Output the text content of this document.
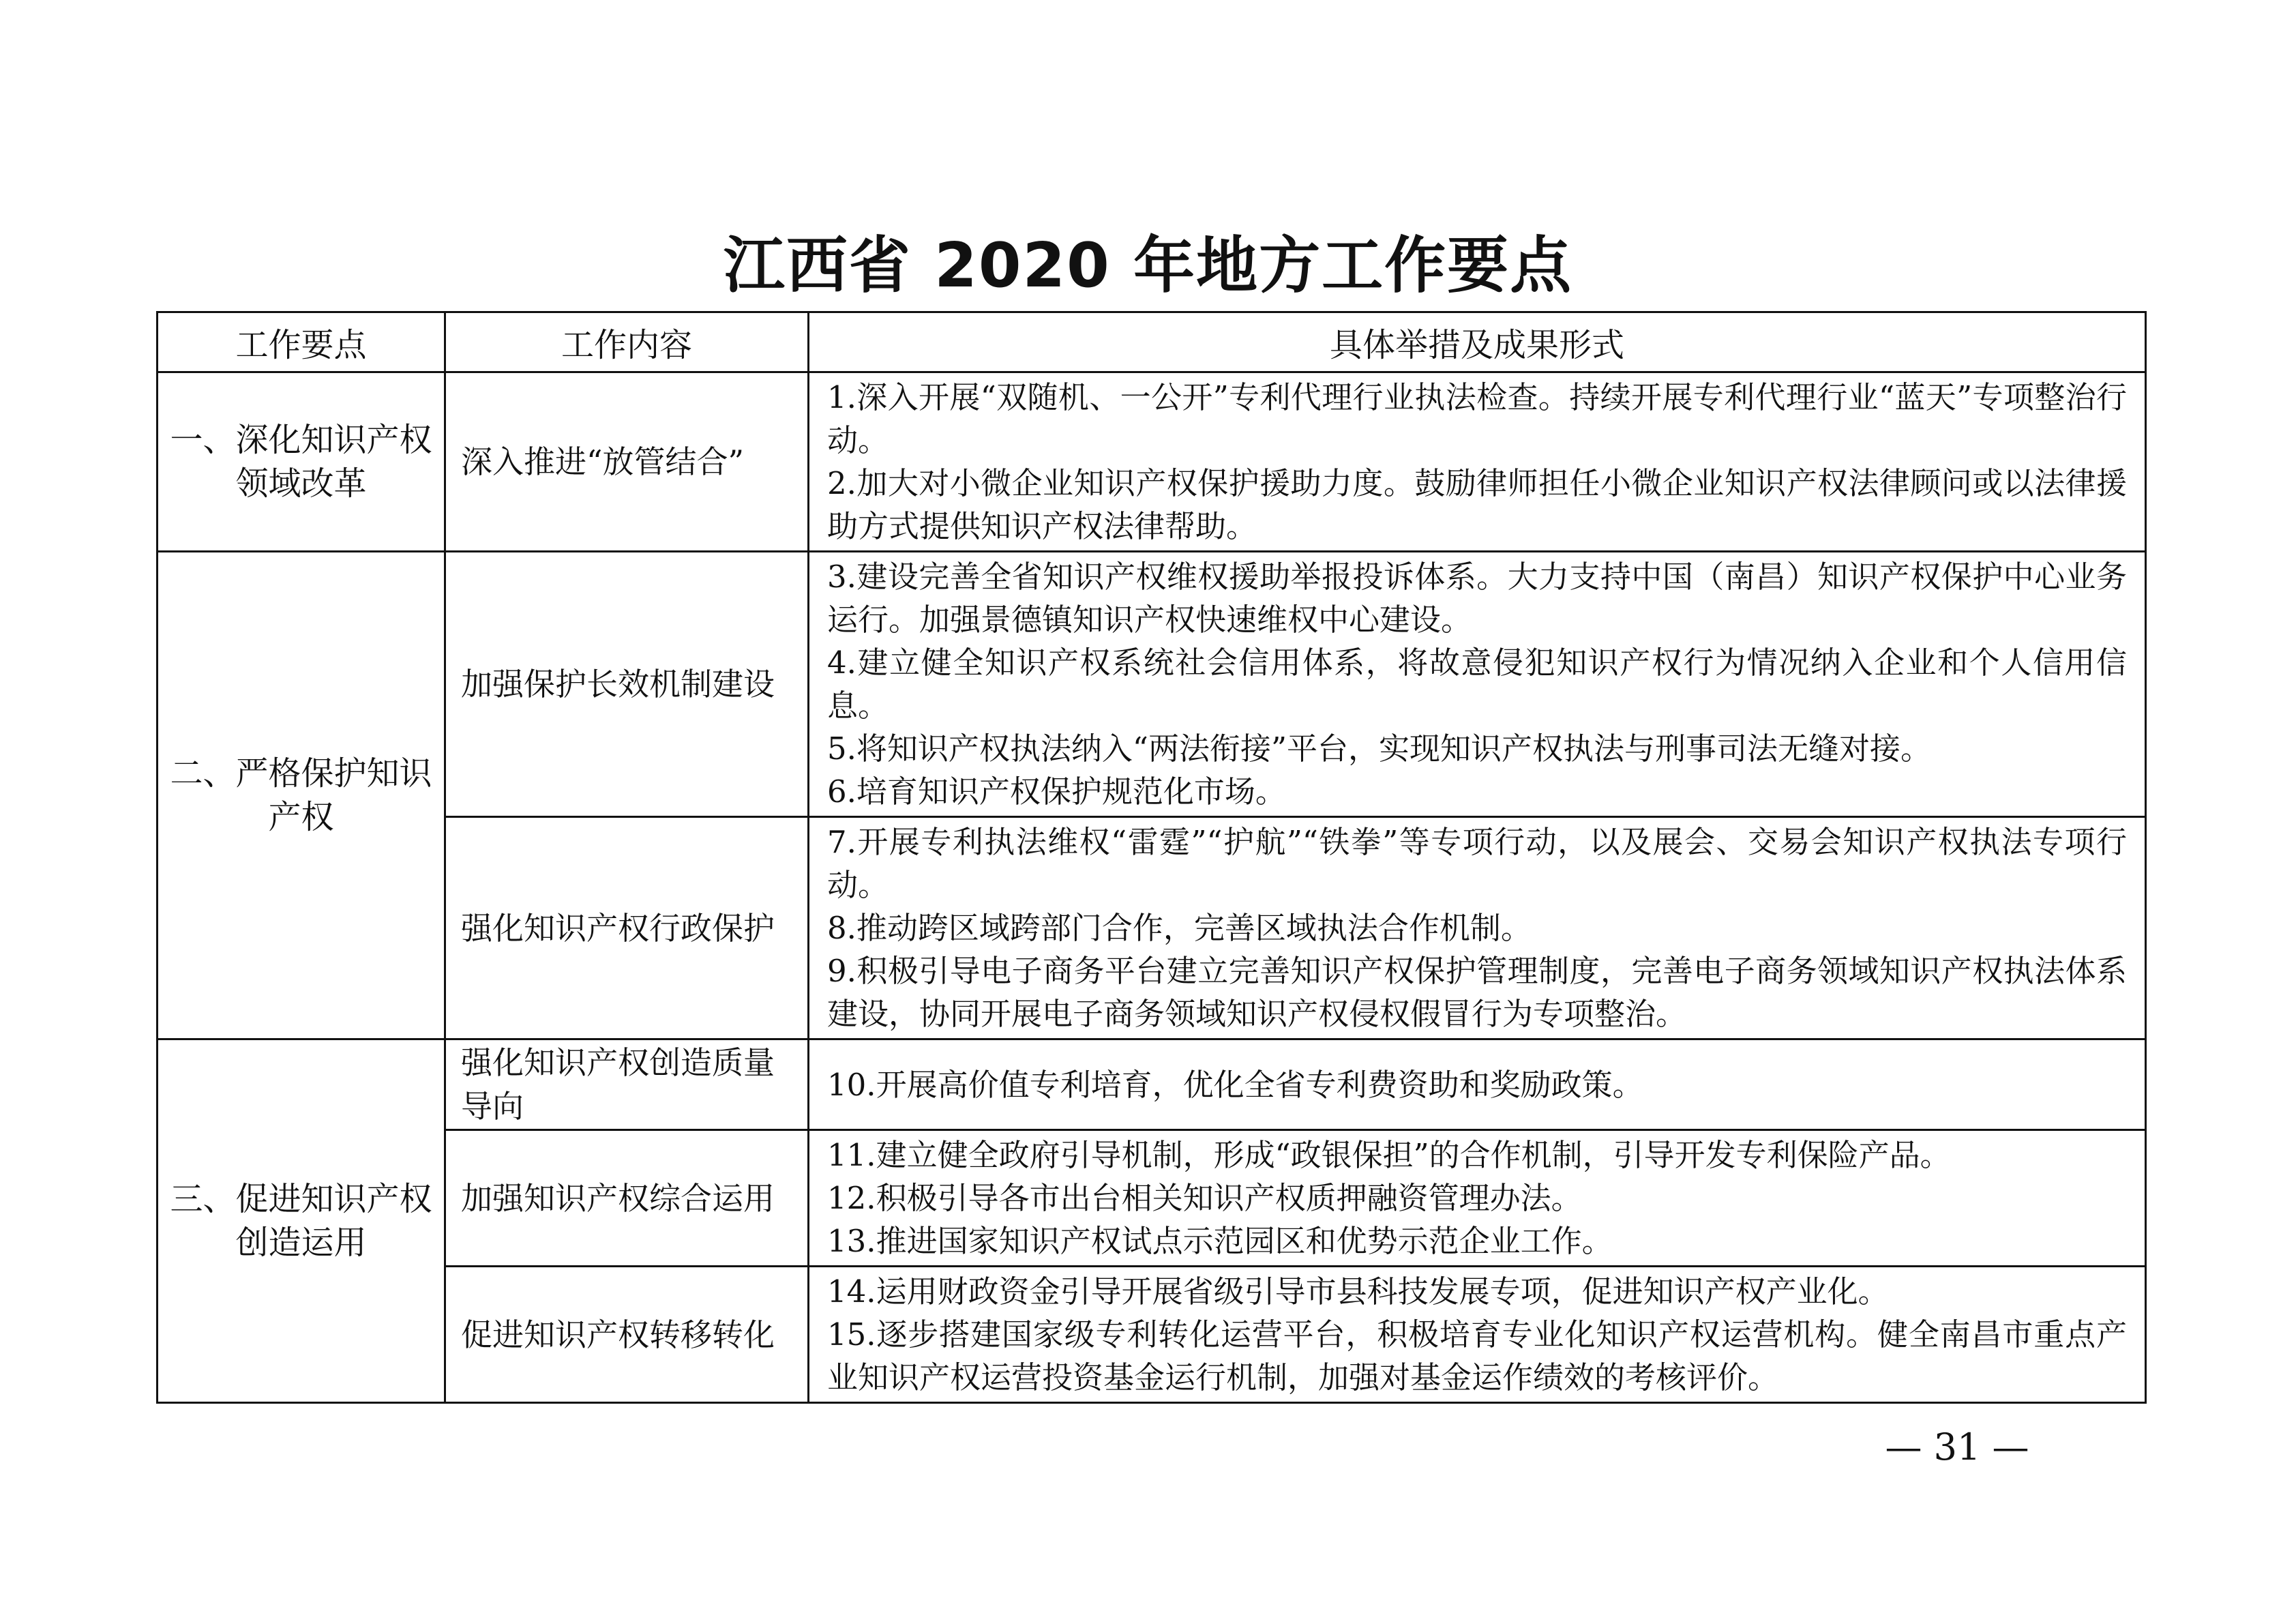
江西省 2020 年地方工作要点
工作要点	工作内容	具体举措及成果形式
一、深化知识产权领域改革	深入推进“放管结合”	1.深入开展“双随机、一公开”专利代理行业执法检查。持续开展专利代理行业“蓝天”专项整治行动。
2.加大对小微企业知识产权保护援助力度。鼓励律师担任小微企业知识产权法律顾问或以法律援助方式提供知识产权法律帮助。

二、严格保护知识产权	加强保护长效机制建设	3.建设完善全省知识产权维权援助举报投诉体系。大力支持中国（南昌）知识产权保护中心业务运行。加强景德镇知识产权快速维权中心建设。
4.建立健全知识产权系统社会信用体系，将故意侵犯知识产权行为情况纳入企业和个人信用信息。
5.将知识产权执法纳入“两法衔接”平台，实现知识产权执法与刑事司法无缝对接。
6.培育知识产权保护规范化市场。

	强化知识产权行政保护	7.开展专利执法维权“雷霆”“护航”“铁拳”等专项行动，以及展会、交易会知识产权执法专项行动。
8.推动跨区域跨部门合作，完善区域执法合作机制。
9.积极引导电子商务平台建立完善知识产权保护管理制度，完善电子商务领域知识产权执法体系建设，协同开展电子商务领域知识产权侵权假冒行为专项整治。

三、促进知识产权创造运用	强化知识产权创造质量导向	10.开展高价值专利培育，优化全省专利费资助和奖励政策。

	加强知识产权综合运用	11.建立健全政府引导机制，形成“政银保担”的合作机制，引导开发专利保险产品。
12.积极引导各市出台相关知识产权质押融资管理办法。
13.推进国家知识产权试点示范园区和优势示范企业工作。

	促进知识产权转移转化	14.运用财政资金引导开展省级引导市县科技发展专项，促进知识产权产业化。
15.逐步搭建国家级专利转化运营平台，积极培育专业化知识产权运营机构。健全南昌市重点产业知识产权运营投资基金运行机制，加强对基金运作绩效的考核评价。
— 31 —
